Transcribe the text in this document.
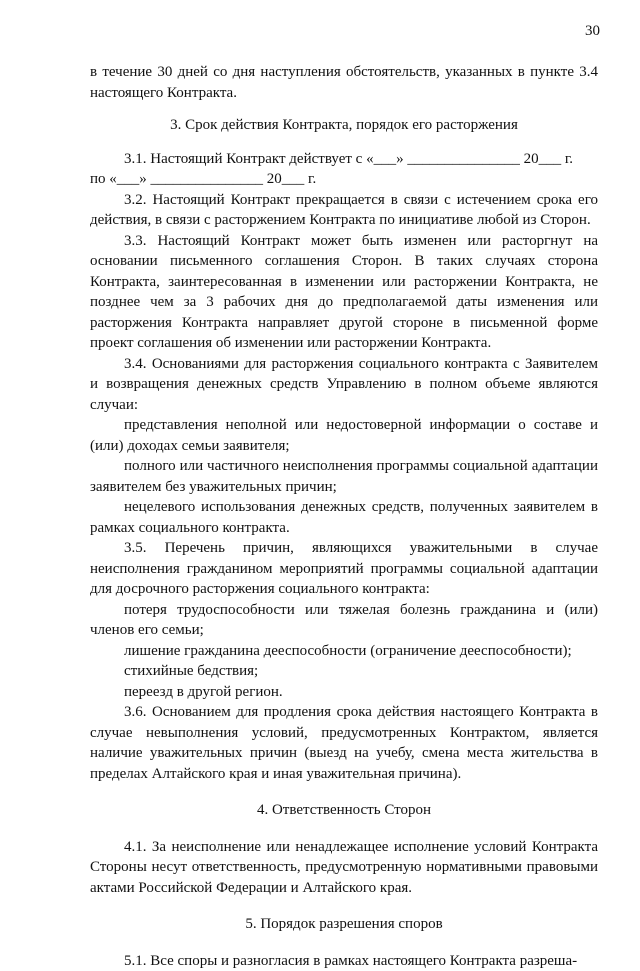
30

в течение 30 дней со дня наступления обстоятельств, указанных в пункте 3.4 настоящего Контракта.

3. Срок действия Контракта, порядок его расторжения

3.1. Настоящий Контракт действует с «___» _______________ 20___ г.

по «___» _______________ 20___ г.

3.2. Настоящий Контракт прекращается в связи с истечением срока его действия, в связи с расторжением Контракта по инициативе любой из Сторон.

3.3. Настоящий Контракт может быть изменен или расторгнут на основании письменного соглашения Сторон. В таких случаях сторона Контракта, заинтересованная в изменении или расторжении Контракта, не позднее чем за 3 рабочих дня до предполагаемой даты изменения или расторжения Контракта направляет другой стороне в письменной форме проект соглашения об изменении или расторжении Контракта.

3.4. Основаниями для расторжения социального контракта с Заявителем и возвращения денежных средств Управлению в полном объеме являются случаи:

представления неполной или недостоверной информации о составе и (или) доходах семьи заявителя;

полного или частичного неисполнения программы социальной адаптации заявителем без уважительных причин;

нецелевого использования денежных средств, полученных заявителем в рамках социального контракта.

3.5. Перечень причин, являющихся уважительными в случае неисполнения гражданином мероприятий программы социальной адаптации для досрочного расторжения социального контракта:

потеря трудоспособности или тяжелая болезнь гражданина и (или) членов его семьи;

лишение гражданина дееспособности (ограничение дееспособности);

стихийные бедствия;

переезд в другой регион.

3.6. Основанием для продления срока действия настоящего Контракта в случае невыполнения условий, предусмотренных Контрактом, является наличие уважительных причин (выезд на учебу, смена места жительства в пределах Алтайского края и иная уважительная причина).

4. Ответственность Сторон

4.1. За неисполнение или ненадлежащее исполнение условий Контракта Стороны несут ответственность, предусмотренную нормативными правовыми актами Российской Федерации и Алтайского края.

5. Порядок разрешения споров

5.1. Все споры и разногласия в рамках настоящего Контракта разреша-
